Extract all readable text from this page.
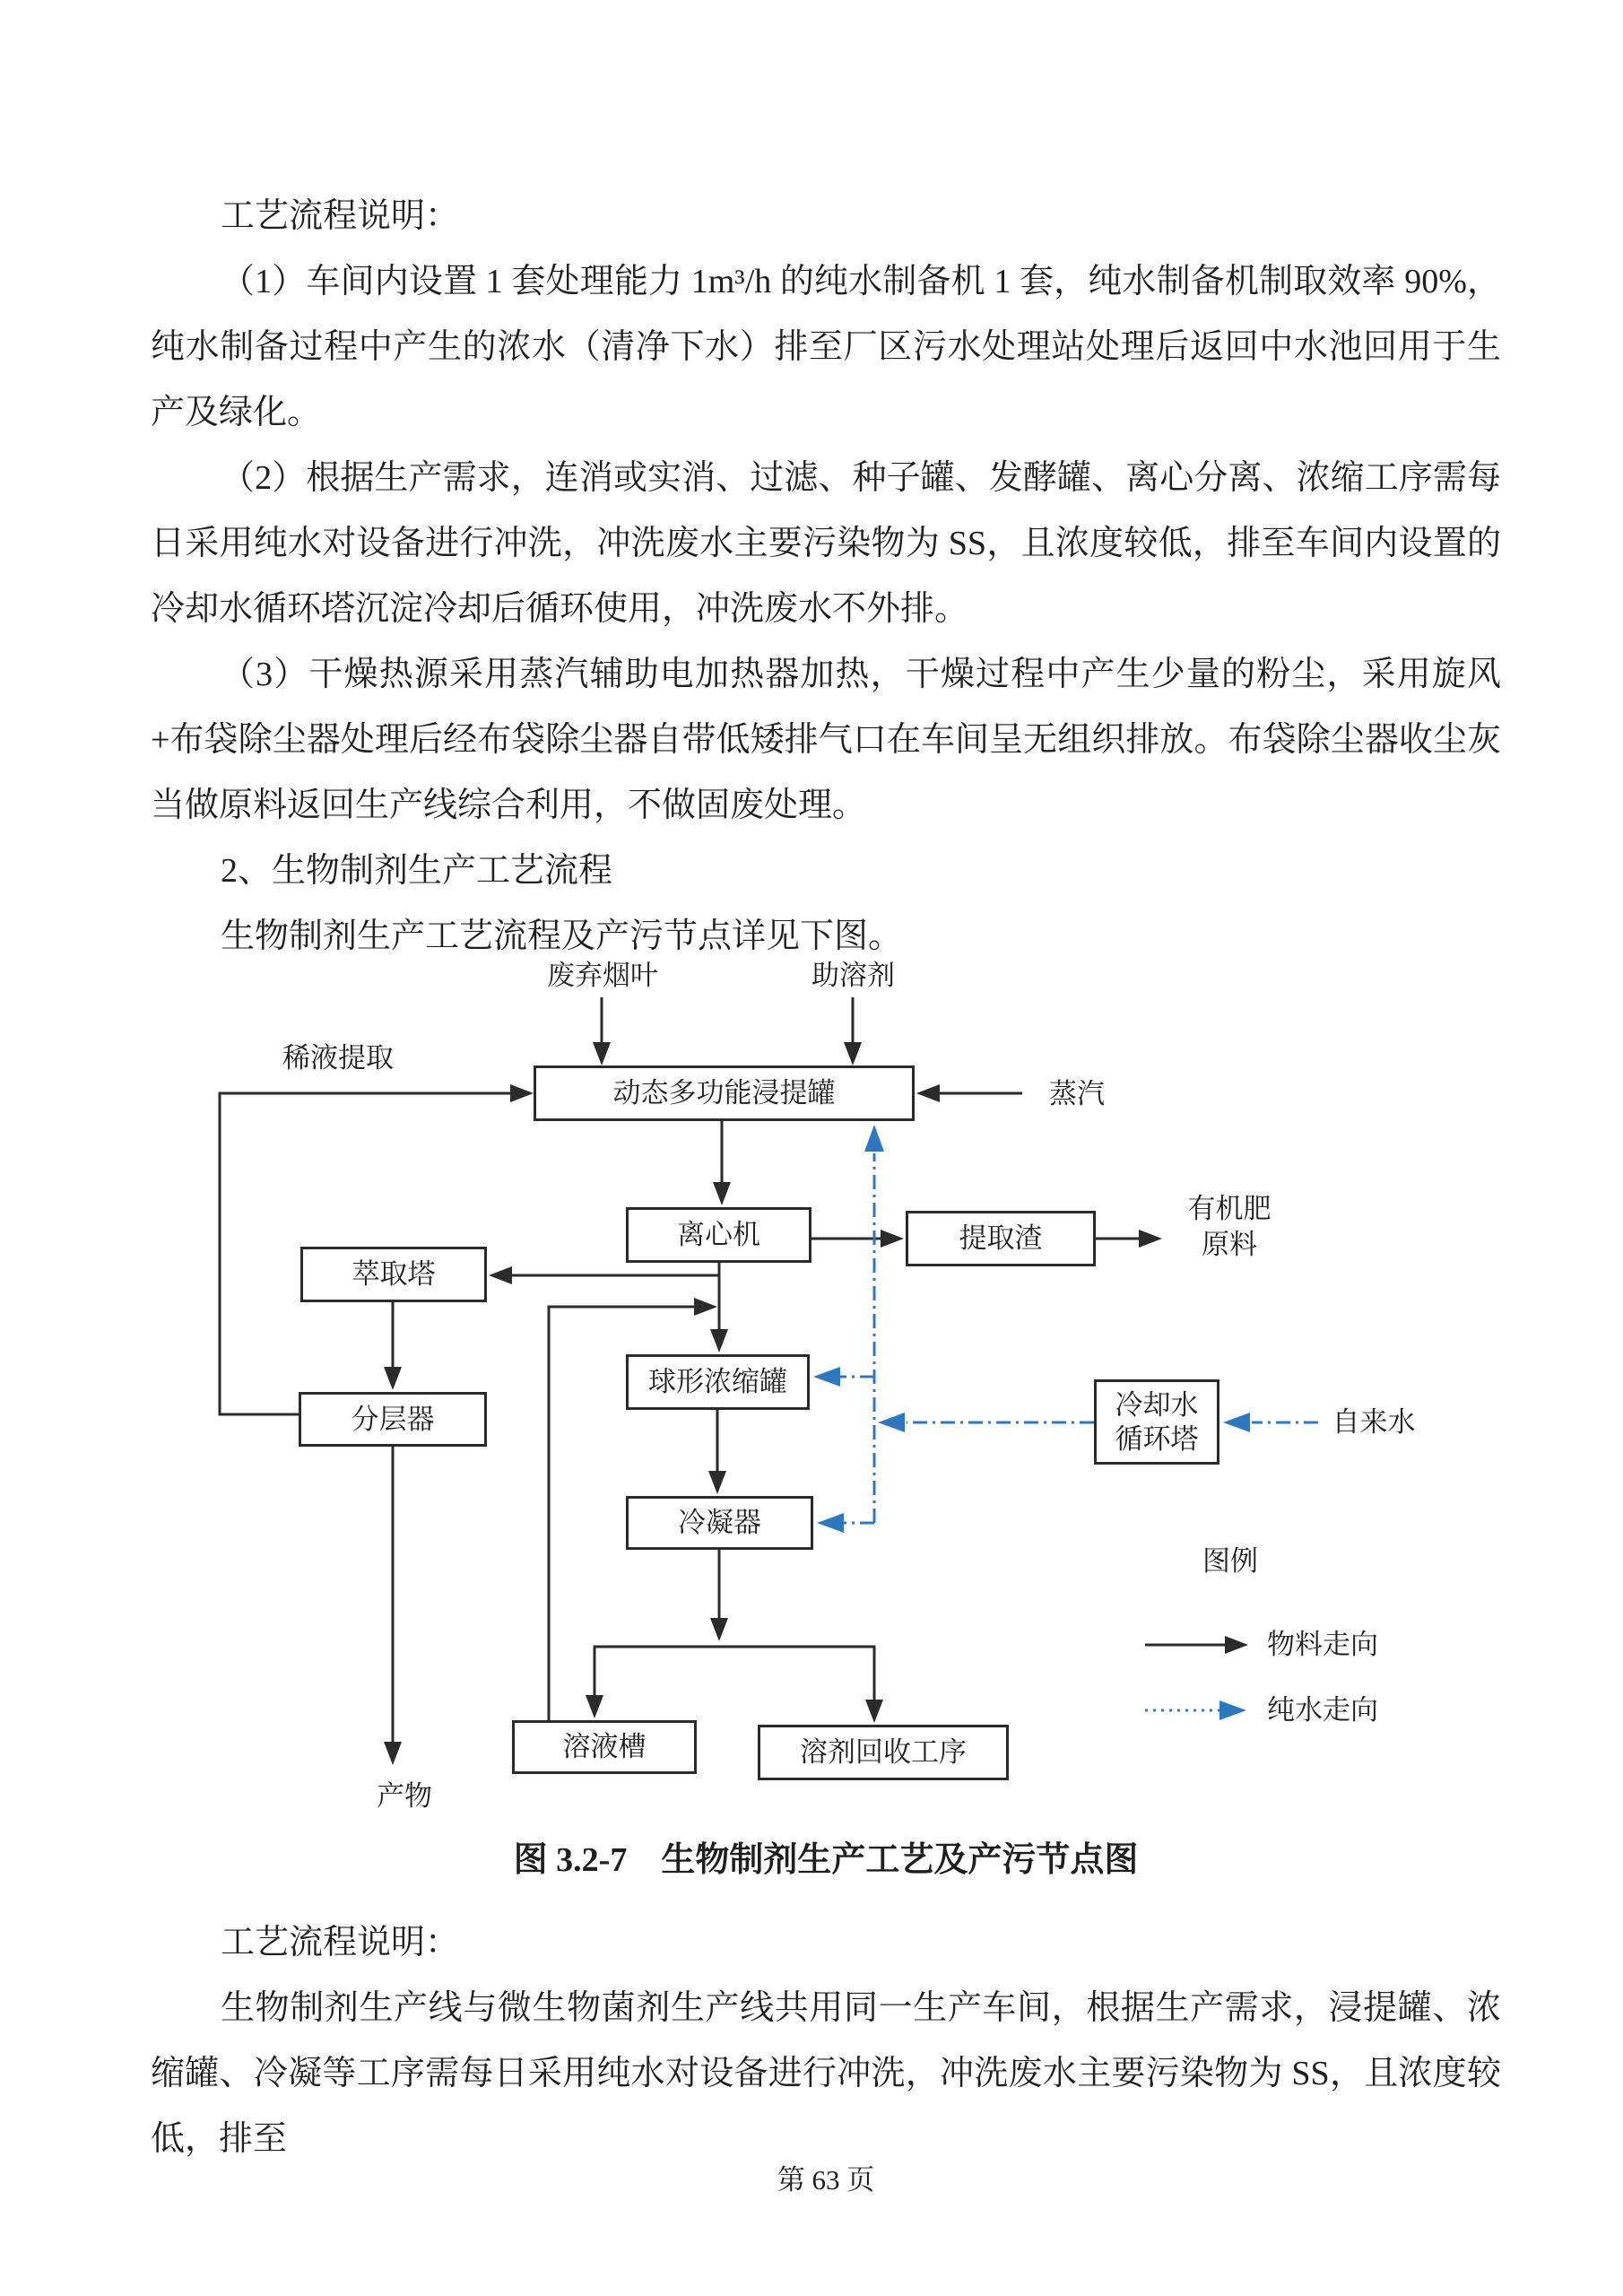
工艺流程说明：

（1）车间内设置 1 套处理能力 1m³/h 的纯水制备机 1 套，纯水制备机制取效率 90%，纯水制备过程中产生的浓水（清净下水）排至厂区污水处理站处理后返回中水池回用于生产及绿化。

（2）根据生产需求，连消或实消、过滤、种子罐、发酵罐、离心分离、浓缩工序需每日采用纯水对设备进行冲洗，冲洗废水主要污染物为 SS，且浓度较低，排至车间内设置的冷却水循环塔沉淀冷却后循环使用，冲洗废水不外排。

（3）干燥热源采用蒸汽辅助电加热器加热，干燥过程中产生少量的粉尘，采用旋风+布袋除尘器处理后经布袋除尘器自带低矮排气口在车间呈无组织排放。布袋除尘器收尘灰当做原料返回生产线综合利用，不做固废处理。

2、生物制剂生产工艺流程

生物制剂生产工艺流程及产污节点详见下图。

动态多功能浸提罐
离心机	提取渣
萃取塔
球形浓缩罐
分层器	冷却水
循环塔
冷凝器
溶液槽	溶剂回收工序
废弃烟叶	助溶剂
蒸汽
稀液提取
有机肥
原料
自来水
产物
图例
物料走向
纯水走向
图 3.2-7　生物制剂生产工艺及产污节点图

工艺流程说明：

生物制剂生产线与微生物菌剂生产线共用同一生产车间，根据生产需求，浸提罐、浓缩罐、冷凝等工序需每日采用纯水对设备进行冲洗，冲洗废水主要污染物为 SS，且浓度较低，排至

第 63 页
